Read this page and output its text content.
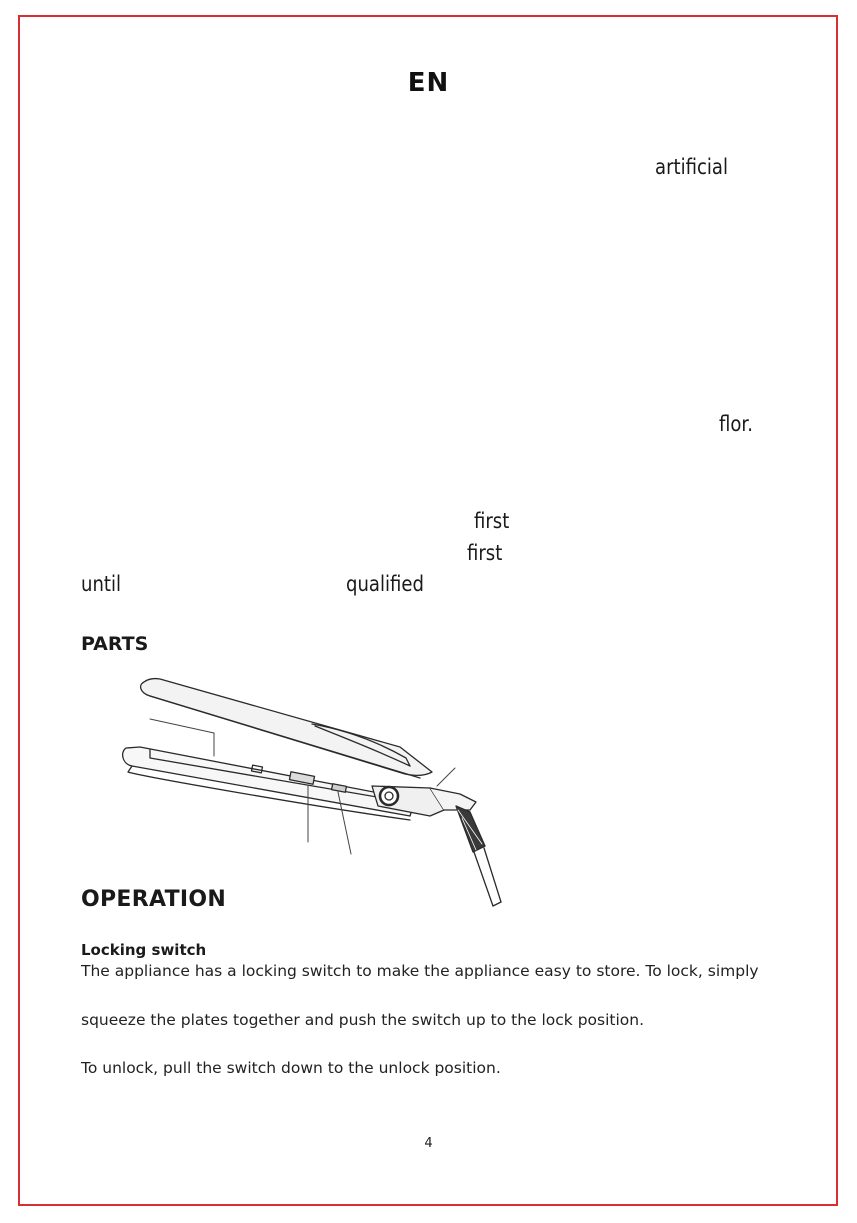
EN
artificial
flor.
first
first
until	qualified
PARTS
OPERATION
Locking switch
The appliance has a locking switch to make the appliance easy to store. To lock, simply
squeeze the plates together and push the switch up to the lock position.
To unlock, pull the switch down to the unlock position.
4
